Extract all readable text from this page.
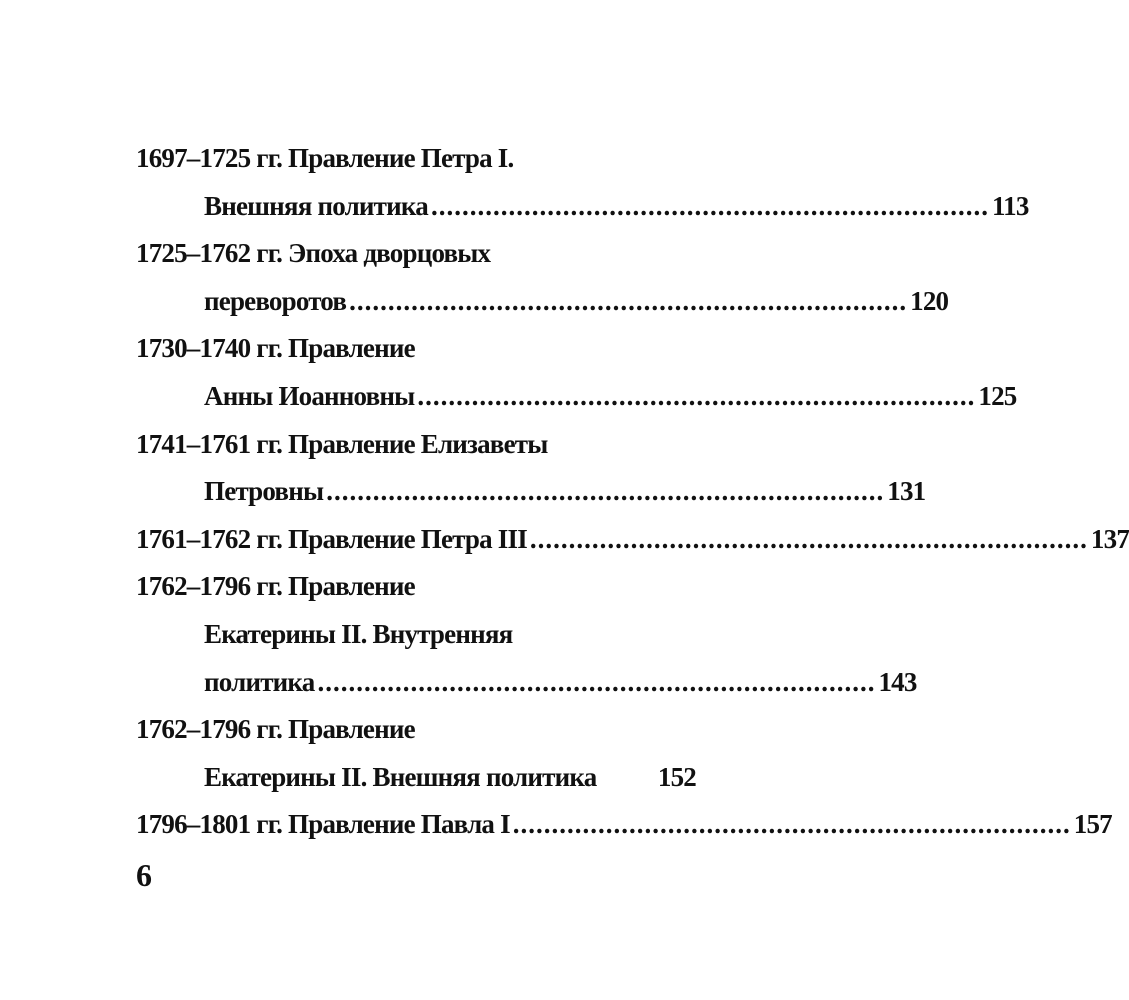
1697–1725 гг. Правление Петра I.
Внешняя политика ........................................................................ 113
1725–1762 гг. Эпоха дворцовых
переворотов ........................................................................ 120
1730–1740 гг. Правление
Анны Иоанновны ........................................................................ 125
1741–1761 гг. Правление Елизаветы
Петровны ........................................................................ 131
1761–1762 гг. Правление Петра III ........................................................................ 137
1762–1796 гг. Правление
Екатерины II. Внутренняя
политика ........................................................................ 143
1762–1796 гг. Правление
Екатерины II. Внешняя политика 152
1796–1801 гг. Правление Павла I ........................................................................ 157
6
